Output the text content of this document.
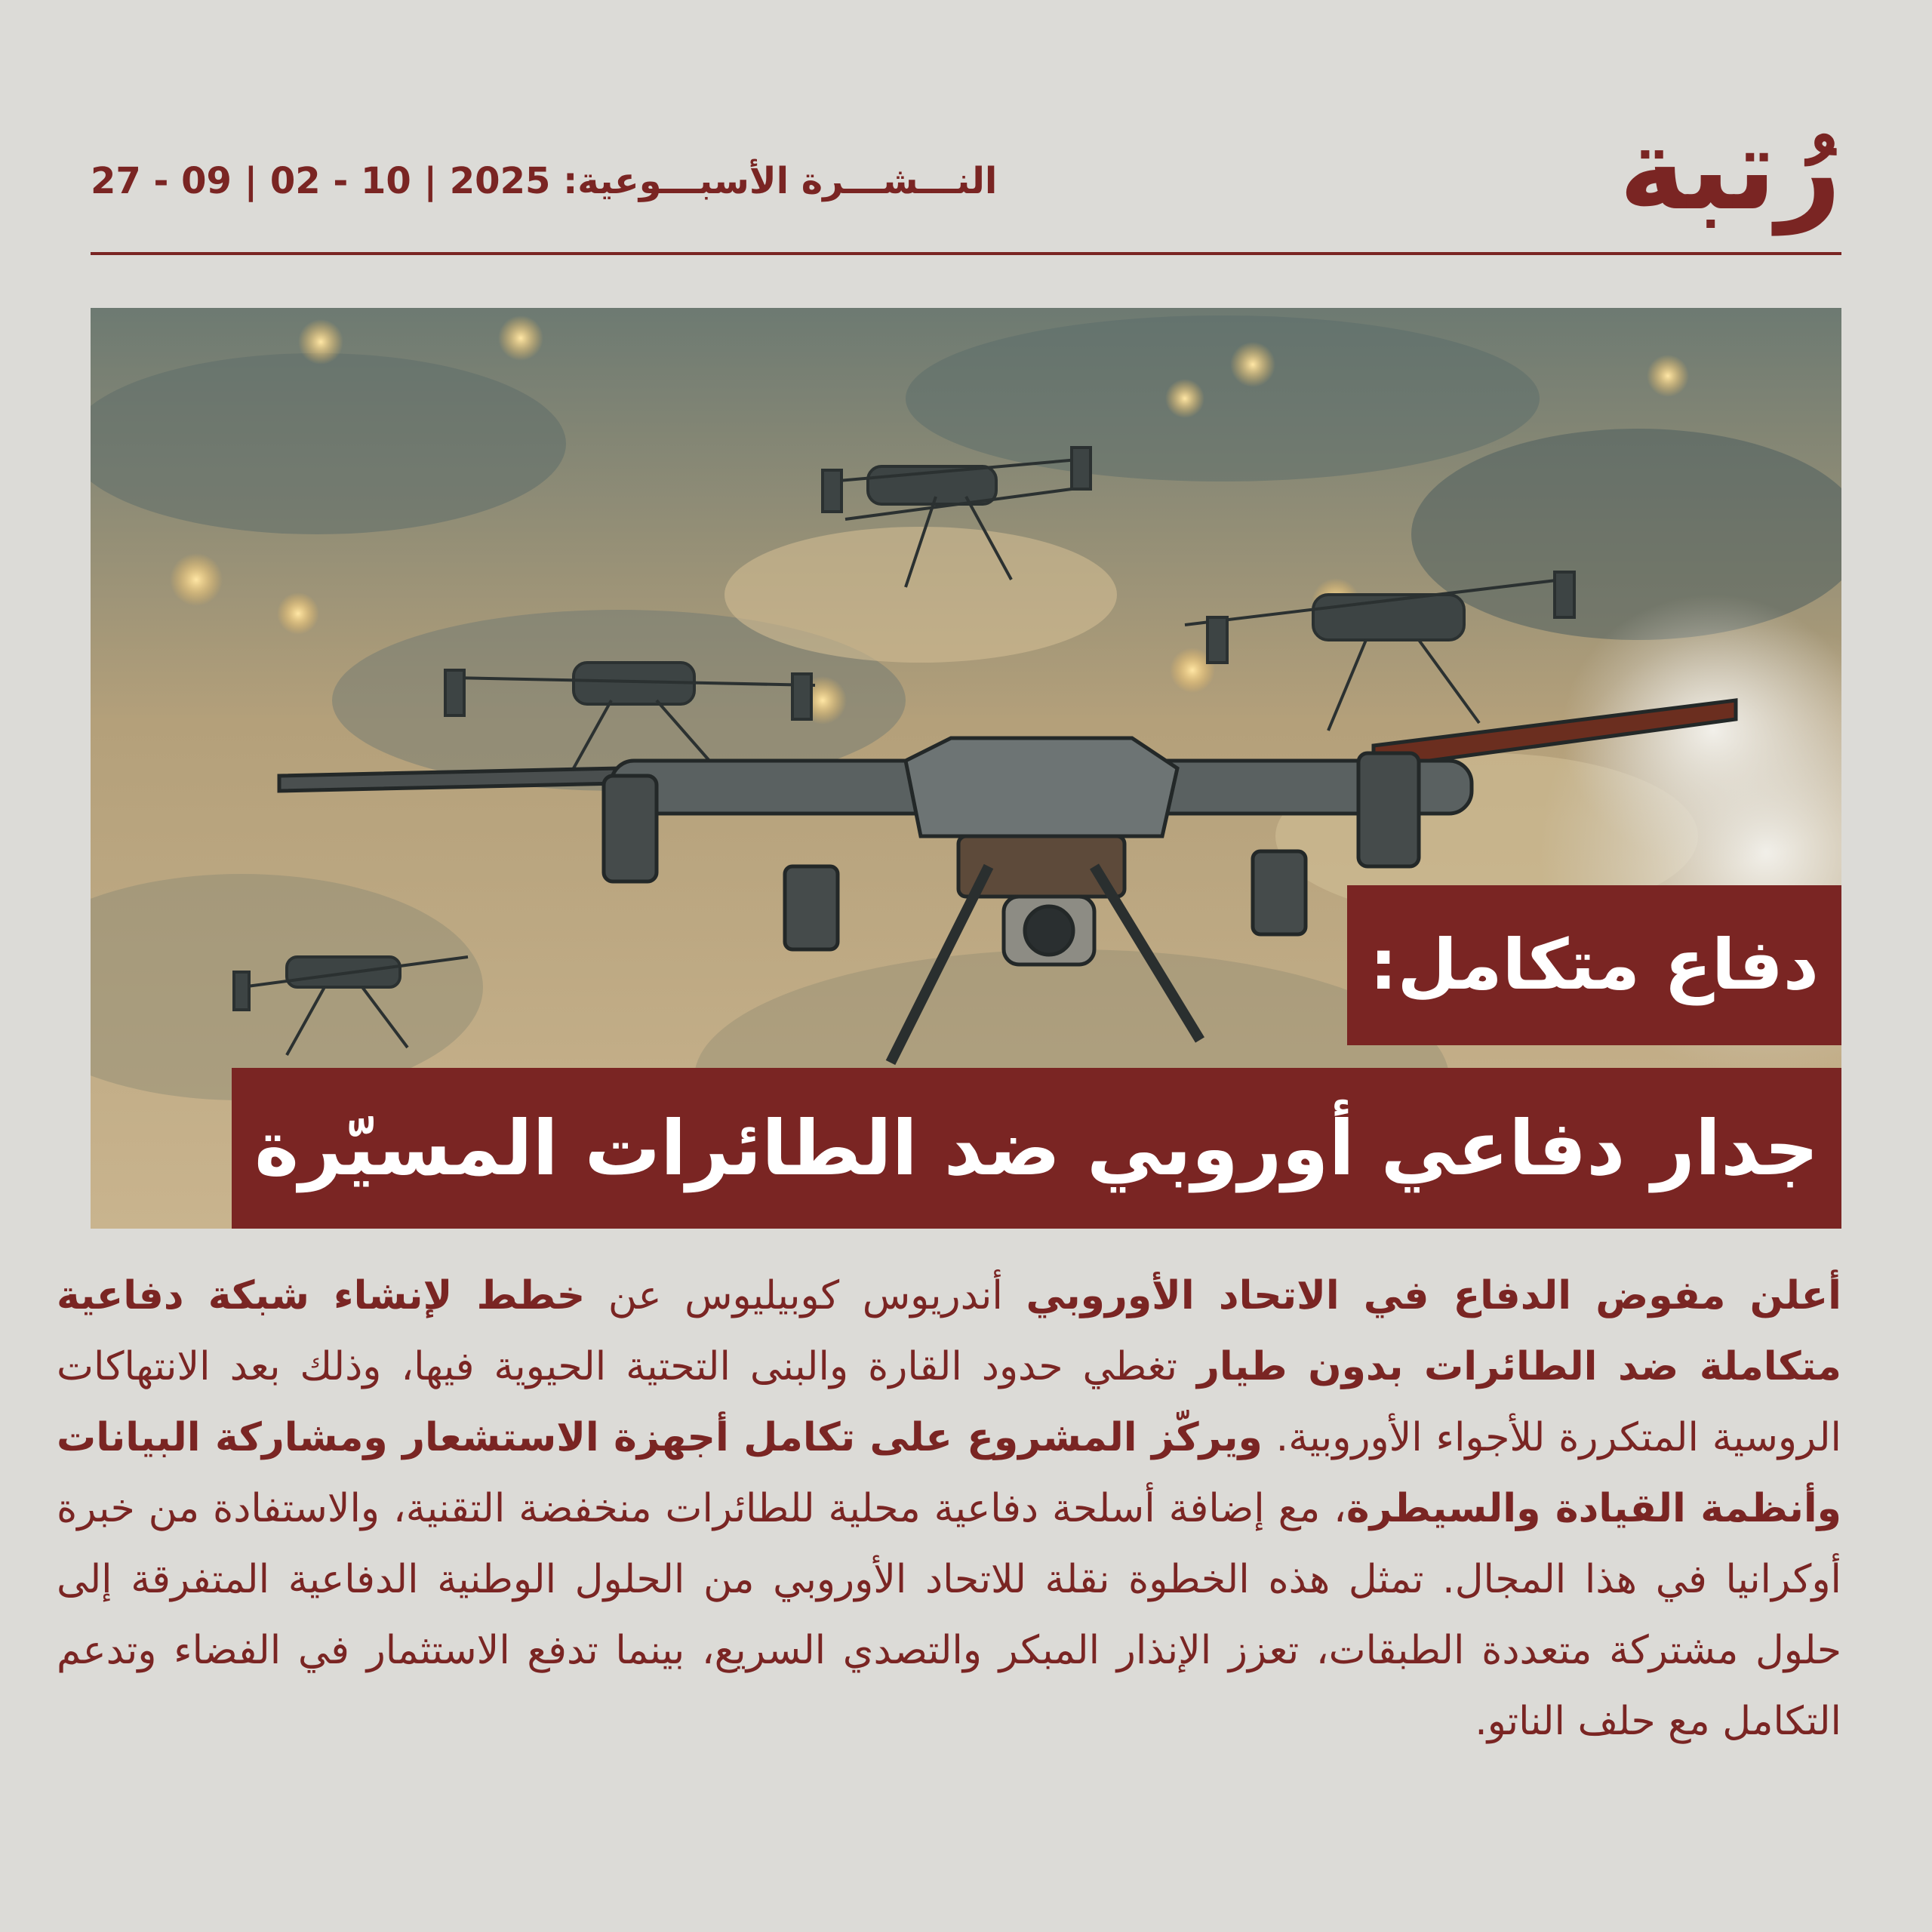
رُتبة
النـــشـــرة الأسبـــوعية: 2025 | 10 - 02 | 09 - 27
دفاع متكامل:
جدار دفاعي أوروبي ضد الطائرات المسيّرة
أعلن مفوض الدفاع في الاتحاد الأوروبي أندريوس كوبيليوس عن خطط لإنشاء شبكة دفاعية متكاملة ضد الطائرات بدون طيار تغطي حدود القارة والبنى التحتية الحيوية فيها، وذلك بعد الانتهاكات الروسية المتكررة للأجواء الأوروبية. ويركّز المشروع على تكامل أجهزة الاستشعار ومشاركة البيانات وأنظمة القيادة والسيطرة، مع إضافة أسلحة دفاعية محلية للطائرات منخفضة التقنية، والاستفادة من خبرة أوكرانيا في هذا المجال. تمثل هذه الخطوة نقلة للاتحاد الأوروبي من الحلول الوطنية الدفاعية المتفرقة إلى حلول مشتركة متعددة الطبقات، تعزز الإنذار المبكر والتصدي السريع، بينما تدفع الاستثمار في الفضاء وتدعم التكامل مع حلف الناتو.
